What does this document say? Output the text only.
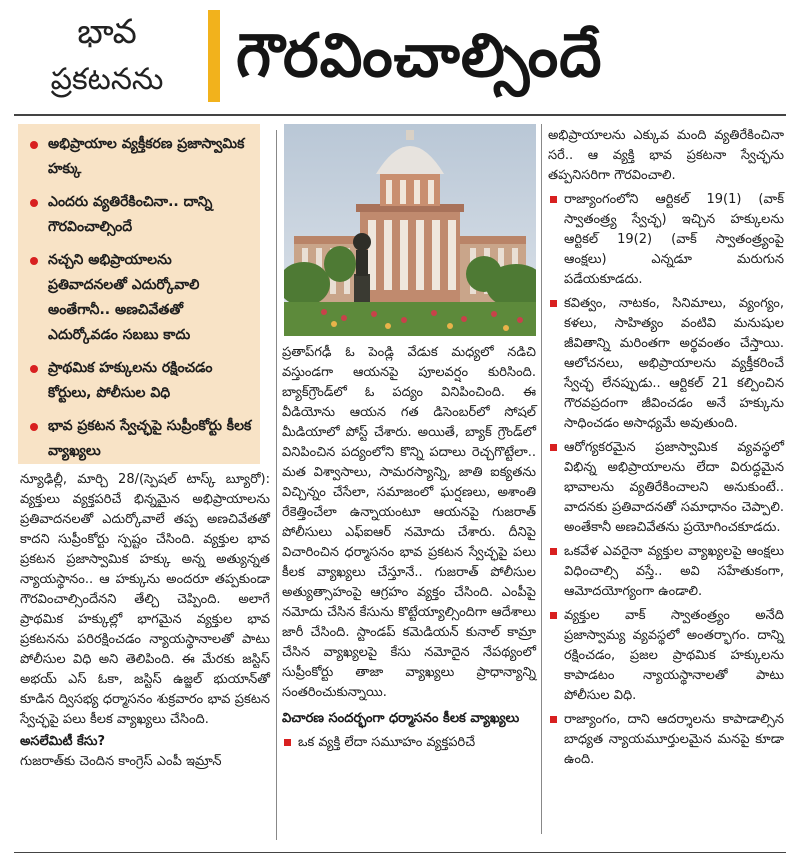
భావ
ప్రకటనను	గౌరవించాల్సిందే
అభిప్రాయాల వ్యక్తీకరణ ప్రజాస్వామిక హక్కు
ఎందరు వ్యతిరేకించినా.. దాన్ని గౌరవించాల్సిందే
నచ్చని అభిప్రాయాలను ప్రతివాదనలతో ఎదుర్కోవాలి అంతేగానీ.. అణచివేతతో ఎదుర్కోవడం సబబు కాదు
ప్రాథమిక హక్కులను రక్షించడం కోర్టులు, పోలీసుల విధి
భావ ప్రకటన స్వేచ్ఛపై సుప్రీంకోర్టు కీలక వ్యాఖ్యలు

న్యూఢిల్లీ, మార్చి 28/(స్పెషల్ టాస్క్ బ్యూరో): వ్యక్తులు వ్యక్తపరిచే భిన్నమైన అభిప్రాయాలను ప్రతివాదనలతో ఎదుర్కోవాలే తప్ప అణచివేతతో కాదని సుప్రీంకోర్టు స్పష్టం చేసింది. వ్యక్తుల భావ ప్రకటన ప్రజాస్వామిక హక్కు అన్న అత్యున్నత న్యాయస్థానం.. ఆ హక్కును అందరూ తప్పకుండా గౌరవించాల్సిందేనని తేల్చి చెప్పింది. అలాగే ప్రాథమిక హక్కుల్లో భాగమైన వ్యక్తుల భావ ప్రకటనను పరిరక్షించడం న్యాయస్థానాలతో పాటు పోలీసుల విధి అని తెలిపింది. ఈ మేరకు జస్టిస్ అభయ్ ఎస్ ఓకా, జస్టిస్ ఉజ్జల్ భుయాన్‌తో కూడిన ద్విసభ్య ధర్మాసనం శుక్రవారం భావ ప్రకటన స్వేచ్ఛపై పలు కీలక వ్యాఖ్యలు చేసింది.

అసలేమిటీ కేసు?

గుజరాత్‌కు చెందిన కాంగ్రెస్ ఎంపీ ఇమ్రాన్

ప్రతాప్‌గఢీ ఓ పెండ్లి వేడుక మధ్యలో నడిచి వస్తుండగా ఆయనపై పూలవర్షం కురిసింది. బ్యాక్‌గ్రౌండ్‌లో ఓ పద్యం వినిపించింది. ఈ వీడియోను ఆయన గత డిసెంబర్‌లో సోషల్ మీడియాలో పోస్ట్ చేశారు. అయితే, బ్యాక్ గ్రౌండ్‌లో వినిపించిన పద్యంలోని కొన్ని పదాలు రెచ్చగొట్టేలా.. మత విశ్వాసాలు, సామరస్యాన్ని, జాతి ఐక్యతను విచ్చిన్నం చేసేలా, సమాజంలో ఘర్షణలు, అశాంతి రేకెత్తించేలా ఉన్నాయంటూ ఆయనపై గుజరాత్ పోలీసులు ఎఫ్ఐఆర్ నమోదు చేశారు. దీనిపై విచారించిన ధర్మాసనం భావ ప్రకటన స్వేచ్ఛపై పలు కీలక వ్యాఖ్యలు చేస్తూనే.. గుజరాత్ పోలీసుల అత్యుత్సాహంపై ఆగ్రహం వ్యక్తం చేసింది. ఎంపీపై నమోదు చేసిన కేసును కొట్టేయ్యాల్సిందిగా ఆదేశాలు జారీ చేసింది. స్టాండప్ కమెడియన్ కునాల్ కామ్రా చేసిన వ్యాఖ్యలపై కేసు నమోదైన నేపథ్యంలో సుప్రీంకోర్టు తాజా వ్యాఖ్యలు ప్రాధాన్యాన్ని సంతరించుకున్నాయి.

విచారణ సందర్భంగా ధర్మాసనం కీలక వ్యాఖ్యలు
ఒక వ్యక్తి లేదా సమూహం వ్యక్తపరిచే

అభిప్రాయాలను ఎక్కువ మంది వ్యతిరేకించినా సరే.. ఆ వ్యక్తి భావ ప్రకటనా స్వేచ్ఛను తప్పనిసరిగా గౌరవించాలి.

రాజ్యాంగంలోని ఆర్టికల్ 19(1) (వాక్ స్వాతంత్ర్య స్వేచ్ఛ) ఇచ్చిన హక్కులను ఆర్టికల్ 19(2) (వాక్ స్వాతంత్ర్యంపై ఆంక్షలు) ఎన్నడూ మరుగున పడేయకూడదు.
కవిత్వం, నాటకం, సినిమాలు, వ్యంగ్యం, కళలు, సాహిత్యం వంటివి మనుషుల జీవితాన్ని మరింతగా అర్థవంతం చేస్తాయి. ఆలోచనలు, అభిప్రాయాలను వ్యక్తీకరించే స్వేచ్ఛ లేనప్పుడు.. ఆర్టికల్ 21 కల్పించిన గౌరవప్రదంగా జీవించడం అనే హక్కును సాధించడం అసాధ్యమే అవుతుంది.
ఆరోగ్యకరమైన ప్రజాస్వామిక వ్యవస్థలో విభిన్న అభిప్రాయాలను లేదా విరుద్ధమైన భావాలను వ్యతిరేకించాలని అనుకుంటే.. వాదనకు ప్రతివాదనతో సమాధానం చెప్పాలి. అంతేకానీ అణచివేతను ప్రయోగించకూడదు.
ఒకవేళ ఎవరైనా వ్యక్తుల వ్యాఖ్యలపై ఆంక్షలు విధించాల్సి వస్తే.. అవి సహేతుకంగా, ఆమోదయోగ్యంగా ఉండాలి.
వ్యక్తుల వాక్ స్వాతంత్ర్యం అనేది ప్రజాస్వామ్య వ్యవస్థలో అంతర్భాగం. దాన్ని రక్షించడం, ప్రజల ప్రాథమిక హక్కులను కాపాడటం న్యాయస్థానాలతో పాటు పోలీసుల విధి.
రాజ్యాంగం, దాని ఆదర్శాలను కాపాడాల్సిన బాధ్యత న్యాయమూర్తులమైన మనపై కూడా ఉంది.
